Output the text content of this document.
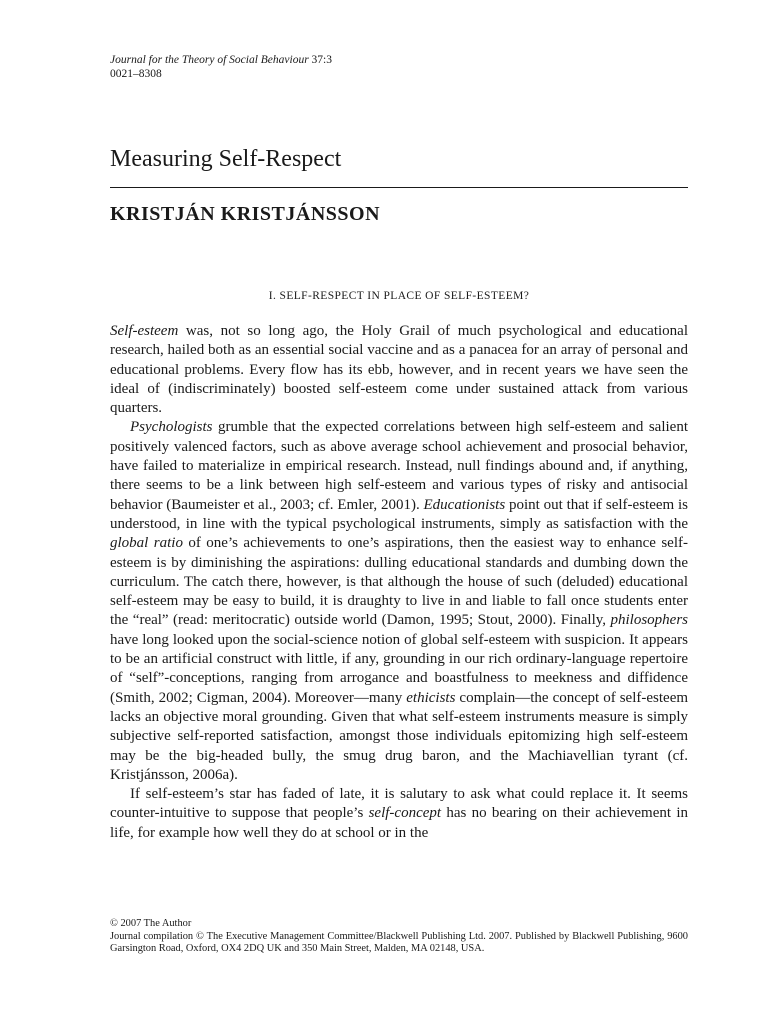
Journal for the Theory of Social Behaviour 37:3
0021–8308
Measuring Self-Respect
KRISTJÁN KRISTJÁNSSON
I. SELF-RESPECT IN PLACE OF SELF-ESTEEM?

Self-esteem was, not so long ago, the Holy Grail of much psychological and educational research, hailed both as an essential social vaccine and as a panacea for an array of personal and educational problems. Every flow has its ebb, however, and in recent years we have seen the ideal of (indiscriminately) boosted self-esteem come under sustained attack from various quarters.

Psychologists grumble that the expected correlations between high self-esteem and salient positively valenced factors, such as above average school achievement and prosocial behavior, have failed to materialize in empirical research. Instead, null findings abound and, if anything, there seems to be a link between high self-esteem and various types of risky and antisocial behavior (Baumeister et al., 2003; cf. Emler, 2001). Educationists point out that if self-esteem is understood, in line with the typical psychological instruments, simply as satisfaction with the global ratio of one’s achievements to one’s aspirations, then the easiest way to enhance self-esteem is by diminishing the aspirations: dulling educational standards and dumbing down the curriculum. The catch there, however, is that although the house of such (deluded) educational self-esteem may be easy to build, it is draughty to live in and liable to fall once students enter the “real” (read: meritocratic) outside world (Damon, 1995; Stout, 2000). Finally, philosophers have long looked upon the social-science notion of global self-esteem with suspicion. It appears to be an artificial construct with little, if any, grounding in our rich ordinary-language repertoire of “self”-conceptions, ranging from arrogance and boastfulness to meekness and diffidence (Smith, 2002; Cigman, 2004). Moreover—many ethicists complain—the concept of self-esteem lacks an objective moral grounding. Given that what self-esteem instruments measure is simply subjective self-reported satisfaction, amongst those individuals epitomizing high self-esteem may be the big-headed bully, the smug drug baron, and the Machiavellian tyrant (cf. Kristjánsson, 2006a).

If self-esteem’s star has faded of late, it is salutary to ask what could replace it. It seems counter-intuitive to suppose that people’s self-concept has no bearing on their achievement in life, for example how well they do at school or in the

© 2007 The Author
Journal compilation © The Executive Management Committee/Blackwell Publishing Ltd. 2007. Published by Blackwell Publishing, 9600 Garsington Road, Oxford, OX4 2DQ UK and 350 Main Street, Malden, MA 02148, USA.
